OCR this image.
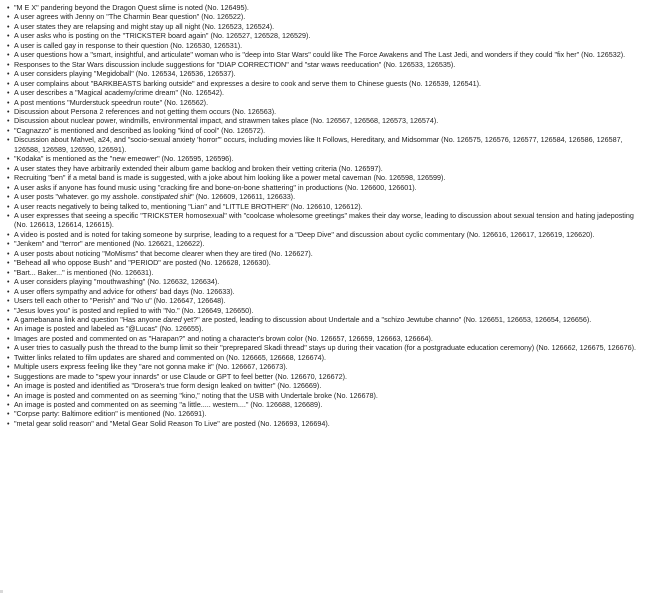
• "M E X" pandering beyond the Dragon Quest slime is noted (No. 126495).
• A user agrees with Jenny on "The Charmin Bear question" (No. 126522).
• A user states they are relapsing and might stay up all night (No. 126523, 126524).
• A user asks who is posting on the "TRICKSTER board again" (No. 126527, 126528, 126529).
• A user is called gay in response to their question (No. 126530, 126531).
• A user questions how a "smart, insightful, and articulate" woman who is "deep into Star Wars" could like The Force Awakens and The Last Jedi, and wonders if they could "fix her" (No. 126532).
• Responses to the Star Wars discussion include suggestions for "DIAP CORRECTION" and "star waws reeducation" (No. 126533, 126535).
• A user considers playing "Megidoball" (No. 126534, 126536, 126537).
• A user complains about "BARKBEASTS barking outside" and expresses a desire to cook and serve them to Chinese guests (No. 126539, 126541).
• A user describes a "Magical academy/crime dream" (No. 126542).
• A post mentions "Murderstuck speedrun route" (No. 126562).
• Discussion about Persona 2 references and not getting them occurs (No. 126563).
• Discussion about nuclear power, windmills, environmental impact, and strawmen takes place (No. 126567, 126568, 126573, 126574).
• "Cagnazzo" is mentioned and described as looking "kind of cool" (No. 126572).
• Discussion about Mahvel, a24, and "socio-sexual anxiety 'horror'" occurs, including movies like It Follows, Hereditary, and Midsommar (No. 126575, 126576, 126577, 126584, 126586, 126587, 126588, 126589, 126590, 126591).
• "Kodaka" is mentioned as the "new emeower" (No. 126595, 126596).
• A user states they have arbitrarily extended their album game backlog and broken their vetting criteria (No. 126597).
• Recruiting "ben" if a metal band is made is suggested, with a joke about him looking like a power metal caveman (No. 126598, 126599).
• A user asks if anyone has found music using "cracking fire and bone-on-bone shattering" in productions (No. 126600, 126601).
• A user posts "whatever. go my asshole. constipated shit" (No. 126609, 126611, 126633).
• A user reacts negatively to being talked to, mentioning "Lian" and "LITTLE BROTHER" (No. 126610, 126612).
• A user expresses that seeing a specific "TRICKSTER homosexual" with "coolcase wholesome greetings" makes their day worse, leading to discussion about sexual tension and hating jadeposting (No. 126613, 126614, 126615).
• A video is posted and is noted for taking someone by surprise, leading to a request for a "Deep Dive" and discussion about cyclic commentary (No. 126616, 126617, 126619, 126620).
• "Jenkem" and "terror" are mentioned (No. 126621, 126622).
• A user posts about noticing "MoMisms" that become clearer when they are tired (No. 126627).
• "Behead all who oppose Bush" and "PERIOD" are posted (No. 126628, 126630).
• "Bart... Baker..." is mentioned (No. 126631).
• A user considers playing "mouthwashing" (No. 126632, 126634).
• A user offers sympathy and advice for others' bad days (No. 126633).
• Users tell each other to "Perish" and "No u" (No. 126647, 126648).
• "Jesus loves you" is posted and replied to with "No." (No. 126649, 126650).
• A gamebanana link and question "Has anyone dared yet?" are posted, leading to discussion about Undertale and a "schizo Jewtube channo" (No. 126651, 126653, 126654, 126656).
• An image is posted and labeled as "@Lucas" (No. 126655).
• Images are posted and commented on as "Harapan?" and noting a character's brown color (No. 126657, 126659, 126663, 126664).
• A user tries to casually push the thread to the bump limit so their "preprepared Skadi thread" stays up during their vacation (for a postgraduate education ceremony) (No. 126662, 126675, 126676).
• Twitter links related to film updates are shared and commented on (No. 126665, 126668, 126674).
• Multiple users express feeling like they "are not gonna make it" (No. 126667, 126673).
• Suggestions are made to "spew your innards" or use Claude or GPT to feel better (No. 126670, 126672).
• An image is posted and identified as "Drosera's true form design leaked on twitter" (No. 126669).
• An image is posted and commented on as seeming "kino," noting that the USB with Undertale broke (No. 126678).
• An image is posted and commented on as seeming "a little..... western...." (No. 126688, 126689).
• "Corpse party: Baltimore edition" is mentioned (No. 126691).
• "metal gear solid reason" and "Metal Gear Solid Reason To Live" are posted (No. 126693, 126694).
